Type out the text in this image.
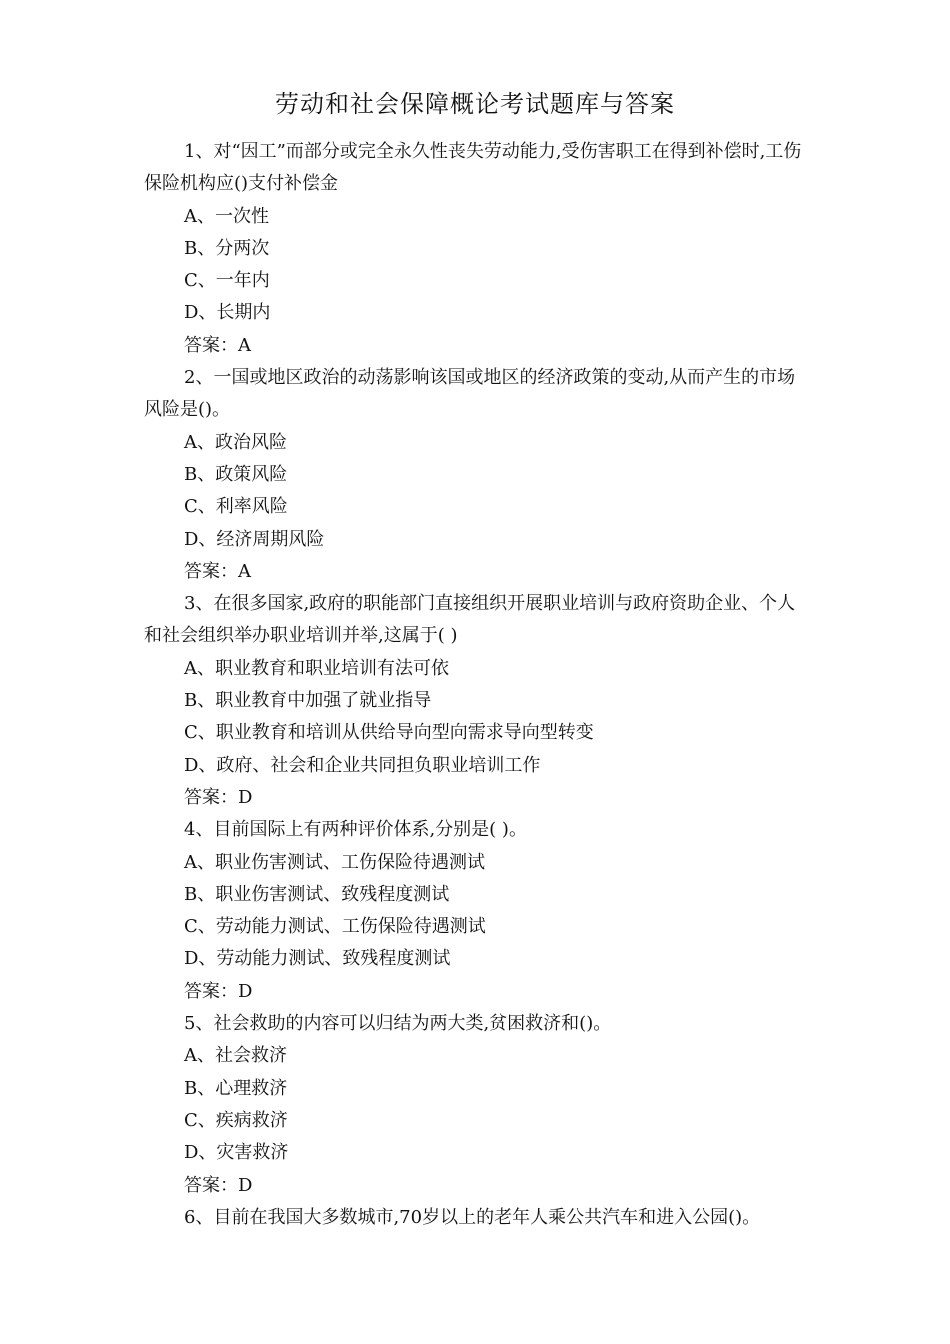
劳动和社会保障概论考试题库与答案

1、对“因工”而部分或完全永久性丧失劳动能力,受伤害职工在得到补偿时,工伤保险机构应()支付补偿金

A、一次性

B、分两次

C、一年内

D、长期内

答案：A

2、一国或地区政治的动荡影响该国或地区的经济政策的变动,从而产生的市场风险是()。

A、政治风险

B、政策风险

C、利率风险

D、经济周期风险

答案：A

3、在很多国家,政府的职能部门直接组织开展职业培训与政府资助企业、个人和社会组织举办职业培训并举,这属于( )

A、职业教育和职业培训有法可依

B、职业教育中加强了就业指导

C、职业教育和培训从供给导向型向需求导向型转变

D、政府、社会和企业共同担负职业培训工作

答案：D

4、目前国际上有两种评价体系,分别是( )。

A、职业伤害测试、工伤保险待遇测试

B、职业伤害测试、致残程度测试

C、劳动能力测试、工伤保险待遇测试

D、劳动能力测试、致残程度测试

答案：D

5、社会救助的内容可以归结为两大类,贫困救济和()。

A、社会救济

B、心理救济

C、疾病救济

D、灾害救济

答案：D

6、目前在我国大多数城市,70岁以上的老年人乘公共汽车和进入公园()。
